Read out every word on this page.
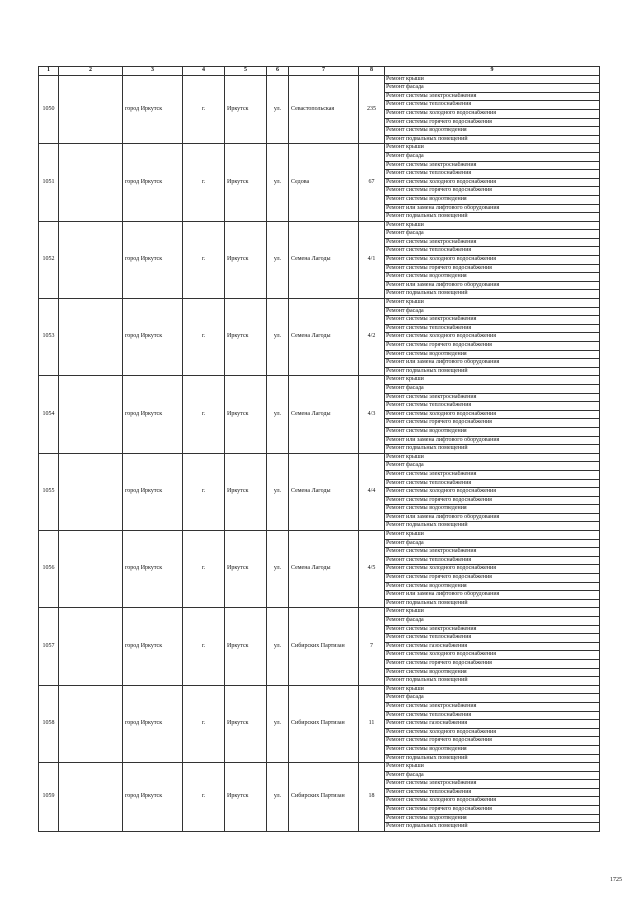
1	2	3	4	5	6	7	8	9
1050		город Иркутск	г.	Иркутск	ул.	Севастопольская	235	Ремонт крыши
								Ремонт фасада
								Ремонт системы электроснабжения
								Ремонт системы теплоснабжения
								Ремонт системы холодного водоснабжения
								Ремонт системы горячего водоснабжения
								Ремонт системы водоотведения
								Ремонт подвальных помещений
1051		город Иркутск	г.	Иркутск	ул.	Седова	67	Ремонт крыши
								Ремонт фасада
								Ремонт системы электроснабжения
								Ремонт системы теплоснабжения
								Ремонт системы холодного водоснабжения
								Ремонт системы горячего водоснабжения
								Ремонт системы водоотведения
								Ремонт или замена лифтового оборудования
								Ремонт подвальных помещений
1052		город Иркутск	г.	Иркутск	ул.	Семена Лагоды	4/1	Ремонт крыши
								Ремонт фасада
								Ремонт системы электроснабжения
								Ремонт системы теплоснабжения
								Ремонт системы холодного водоснабжения
								Ремонт системы горячего водоснабжения
								Ремонт системы водоотведения
								Ремонт или замена лифтового оборудования
								Ремонт подвальных помещений
1053		город Иркутск	г.	Иркутск	ул.	Семена Лагоды	4/2	Ремонт крыши
								Ремонт фасада
								Ремонт системы электроснабжения
								Ремонт системы теплоснабжения
								Ремонт системы холодного водоснабжения
								Ремонт системы горячего водоснабжения
								Ремонт системы водоотведения
								Ремонт или замена лифтового оборудования
								Ремонт подвальных помещений
1054		город Иркутск	г.	Иркутск	ул.	Семена Лагоды	4/3	Ремонт крыши
								Ремонт фасада
								Ремонт системы электроснабжения
								Ремонт системы теплоснабжения
								Ремонт системы холодного водоснабжения
								Ремонт системы горячего водоснабжения
								Ремонт системы водоотведения
								Ремонт или замена лифтового оборудования
								Ремонт подвальных помещений
1055		город Иркутск	г.	Иркутск	ул.	Семена Лагоды	4/4	Ремонт крыши
								Ремонт фасада
								Ремонт системы электроснабжения
								Ремонт системы теплоснабжения
								Ремонт системы холодного водоснабжения
								Ремонт системы горячего водоснабжения
								Ремонт системы водоотведения
								Ремонт или замена лифтового оборудования
								Ремонт подвальных помещений
1056		город Иркутск	г.	Иркутск	ул.	Семена Лагоды	4/5	Ремонт крыши
								Ремонт фасада
								Ремонт системы электроснабжения
								Ремонт системы теплоснабжения
								Ремонт системы холодного водоснабжения
								Ремонт системы горячего водоснабжения
								Ремонт системы водоотведения
								Ремонт или замена лифтового оборудования
								Ремонт подвальных помещений
1057		город Иркутск	г.	Иркутск	ул.	Сибирских Партизан	7	Ремонт крыши
								Ремонт фасада
								Ремонт системы электроснабжения
								Ремонт системы теплоснабжения
								Ремонт системы газоснабжения
								Ремонт системы холодного водоснабжения
								Ремонт системы горячего водоснабжения
								Ремонт системы водоотведения
								Ремонт подвальных помещений
1058		город Иркутск	г.	Иркутск	ул.	Сибирских Партизан	11	Ремонт крыши
								Ремонт фасада
								Ремонт системы электроснабжения
								Ремонт системы теплоснабжения
								Ремонт системы газоснабжения
								Ремонт системы холодного водоснабжения
								Ремонт системы горячего водоснабжения
								Ремонт системы водоотведения
								Ремонт подвальных помещений
1059		город Иркутск	г.	Иркутск	ул.	Сибирских Партизан	18	Ремонт крыши
								Ремонт фасада
								Ремонт системы электроснабжения
								Ремонт системы теплоснабжения
								Ремонт системы холодного водоснабжения
								Ремонт системы горячего водоснабжения
								Ремонт системы водоотведения
								Ремонт подвальных помещений
1725
